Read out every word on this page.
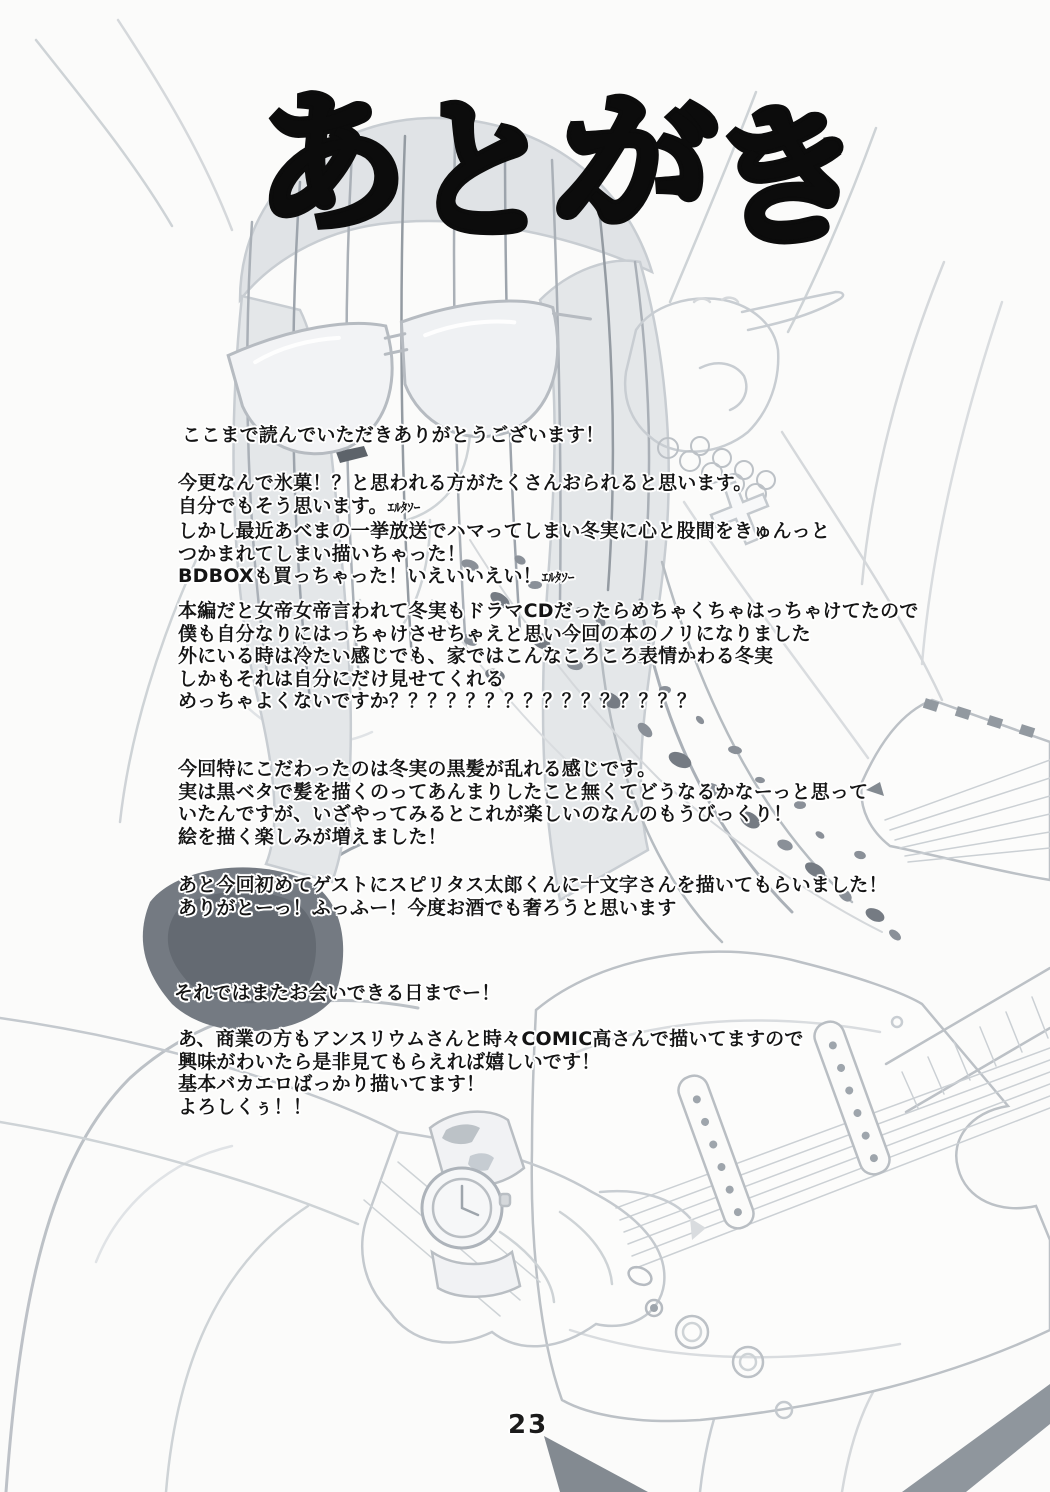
あ
と
が
き
ここまで読んでいただきありがとうございます！
今更なんで氷菓！？と思われる方がたくさんおられると思います。
自分でもそう思います。ｴﾙﾀｿｰ
しかし最近あべまの一挙放送でハマってしまい冬実に心と股間をきゅんっと
つかまれてしまい描いちゃった！
BDBOXも買っちゃった！いえいいえい！ｴﾙﾀｿｰ
本編だと女帝女帝言われて冬実もドラマCDだったらめちゃくちゃはっちゃけてたので
僕も自分なりにはっちゃけさせちゃえと思い今回の本のノリになりました
外にいる時は冷たい感じでも、家ではこんなころころ表情かわる冬実
しかもそれは自分にだけ見せてくれる
めっちゃよくないですか？？？？？？？？？？？？？？？？
今回特にこだわったのは冬実の黒髪が乱れる感じです。
実は黒ベタで髪を描くのってあんまりしたこと無くてどうなるかなーっと思って
いたんですが、いざやってみるとこれが楽しいのなんのもうびっくり！
絵を描く楽しみが増えました！
あと今回初めてゲストにスピリタス太郎くんに十文字さんを描いてもらいました！
ありがとーっ！ふっふー！今度お酒でも奢ろうと思います
それではまたお会いできる日までー！
あ、商業の方もアンスリウムさんと時々COMIC高さんで描いてますので
興味がわいたら是非見てもらえれば嬉しいです！
基本バカエロばっかり描いてます！
よろしくぅ！！
23
